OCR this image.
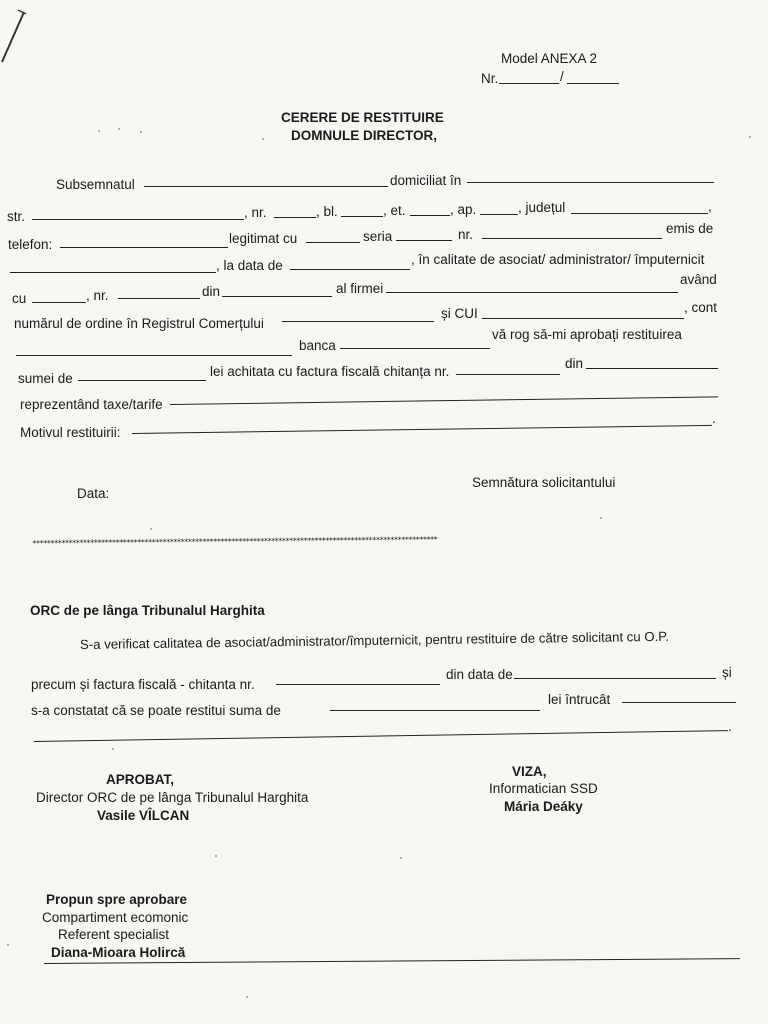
Model ANEXA 2
Nr.	/
CERERE DE RESTITUIRE
DOMNULE DIRECTOR,
Subsemnatul	domiciliat în
str.	, nr.	, bl.	, et.	, ap.	, județul	,
telefon:	legitimat cu	seria	nr.	emis de
, la data de	, în calitate de asociat/ administrator/ împuternicit
cu	, nr.	din	al firmei
având
numărul de ordine în Registrul Comerțului
și CUI	, cont
banca
vă rog să-mi aprobați restituirea
sumei de	lei achitata cu factura fiscală chitanța nr.
din
reprezentând taxe/tarife
Motivul restituirii:
.
Data:
Semnătura solicitantului
****************************************************************************************************************
ORC de pe lânga Tribunalul Harghita
S-a verificat calitatea de asociat/administrator/împuternicit, pentru restituire de către solicitant cu O.P.
precum și factura fiscală - chitanta nr.
din data de	și
s-a constatat că se poate restitui suma de
lei întrucât
.
APROBAT,
Director ORC de pe lânga Tribunalul Harghita
Vasile VÎLCAN
VIZA,
Informatician SSD
Mária Deáky
Propun spre aprobare
Compartiment ecomonic
Referent specialist
Diana-Mioara Holircă
